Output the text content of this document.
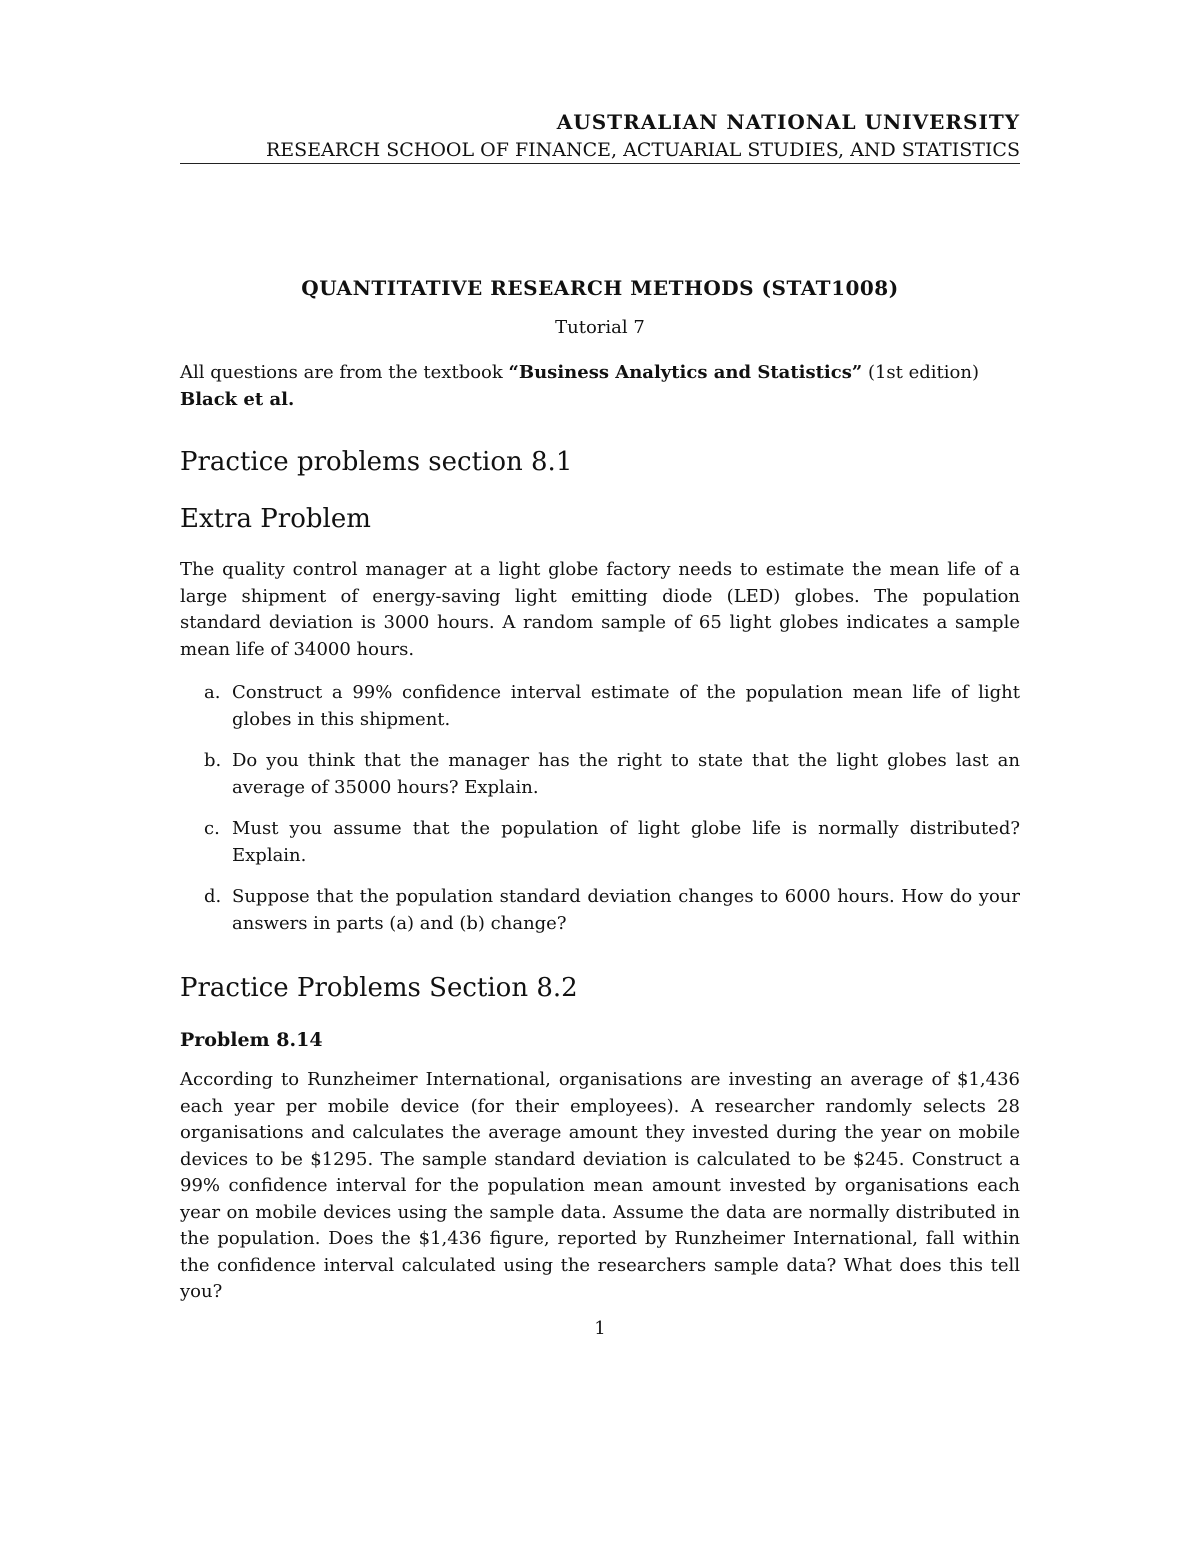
AUSTRALIAN NATIONAL UNIVERSITY
RESEARCH SCHOOL OF FINANCE, ACTUARIAL STUDIES, AND STATISTICS
QUANTITATIVE RESEARCH METHODS (STAT1008)
Tutorial 7
All questions are from the textbook “Business Analytics and Statistics” (1st edition) Black et al.
Practice problems section 8.1
Extra Problem

The quality control manager at a light globe factory needs to estimate the mean life of a large shipment of energy-saving light emitting diode (LED) globes. The population standard deviation is 3000 hours. A random sample of 65 light globes indicates a sample mean life of 34000 hours.

a. Construct a 99% confidence interval estimate of the population mean life of light globes in this shipment.
b. Do you think that the manager has the right to state that the light globes last an average of 35000 hours? Explain.
c. Must you assume that the population of light globe life is normally distributed? Explain.
d. Suppose that the population standard deviation changes to 6000 hours. How do your answers in parts (a) and (b) change?
Practice Problems Section 8.2
Problem 8.14

According to Runzheimer International, organisations are investing an average of $1,436 each year per mobile device (for their employees). A researcher randomly selects 28 organisations and calculates the average amount they invested during the year on mobile devices to be $1295. The sample standard deviation is calculated to be $245. Construct a 99% confidence interval for the population mean amount invested by organisations each year on mobile devices using the sample data. Assume the data are normally distributed in the population. Does the $1,436 figure, reported by Runzheimer International, fall within the confidence interval calculated using the researchers sample data? What does this tell you?

1
